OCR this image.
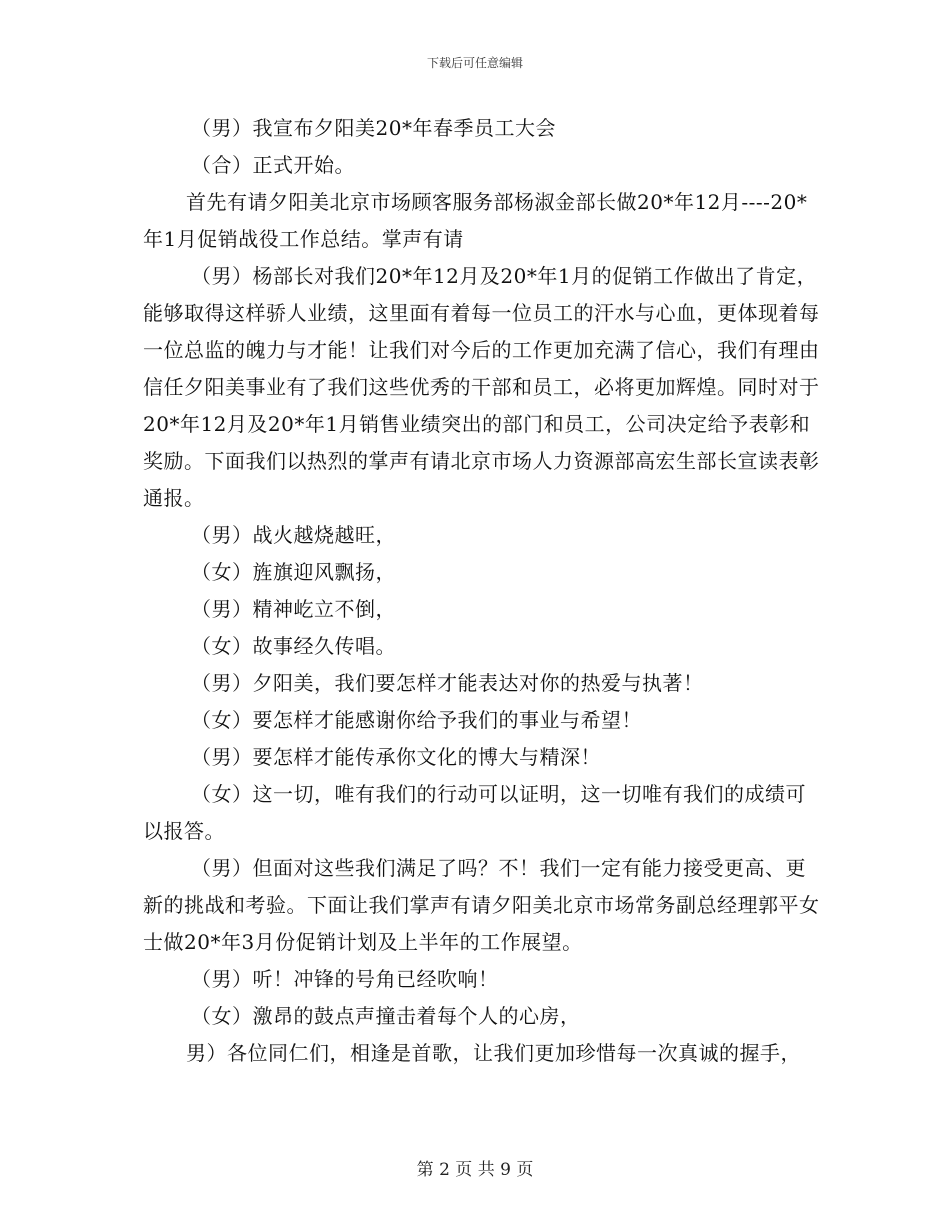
下载后可任意编辑

（男）我宣布夕阳美20*年春季员工大会

（合）正式开始。

首先有请夕阳美北京市场顾客服务部杨淑金部长做20*年12月----20*年1月促销战役工作总结。掌声有请

（男）杨部长对我们20*年12月及20*年1月的促销工作做出了肯定，能够取得这样骄人业绩，这里面有着每一位员工的汗水与心血，更体现着每一位总监的魄力与才能！让我们对今后的工作更加充满了信心，我们有理由信任夕阳美事业有了我们这些优秀的干部和员工，必将更加辉煌。同时对于20*年12月及20*年1月销售业绩突出的部门和员工，公司决定给予表彰和奖励。下面我们以热烈的掌声有请北京市场人力资源部高宏生部长宣读表彰通报。

（男）战火越烧越旺，

（女）旌旗迎风飘扬，

（男）精神屹立不倒，

（女）故事经久传唱。

（男）夕阳美，我们要怎样才能表达对你的热爱与执著！

（女）要怎样才能感谢你给予我们的事业与希望！

（男）要怎样才能传承你文化的博大与精深！

（女）这一切，唯有我们的行动可以证明，这一切唯有我们的成绩可以报答。

（男）但面对这些我们满足了吗？不！我们一定有能力接受更高、更新的挑战和考验。下面让我们掌声有请夕阳美北京市场常务副总经理郭平女士做20*年3月份促销计划及上半年的工作展望。

（男）听！冲锋的号角已经吹响！

（女）激昂的鼓点声撞击着每个人的心房，

男）各位同仁们，相逢是首歌，让我们更加珍惜每一次真诚的握手，

第 2 页 共 9 页
